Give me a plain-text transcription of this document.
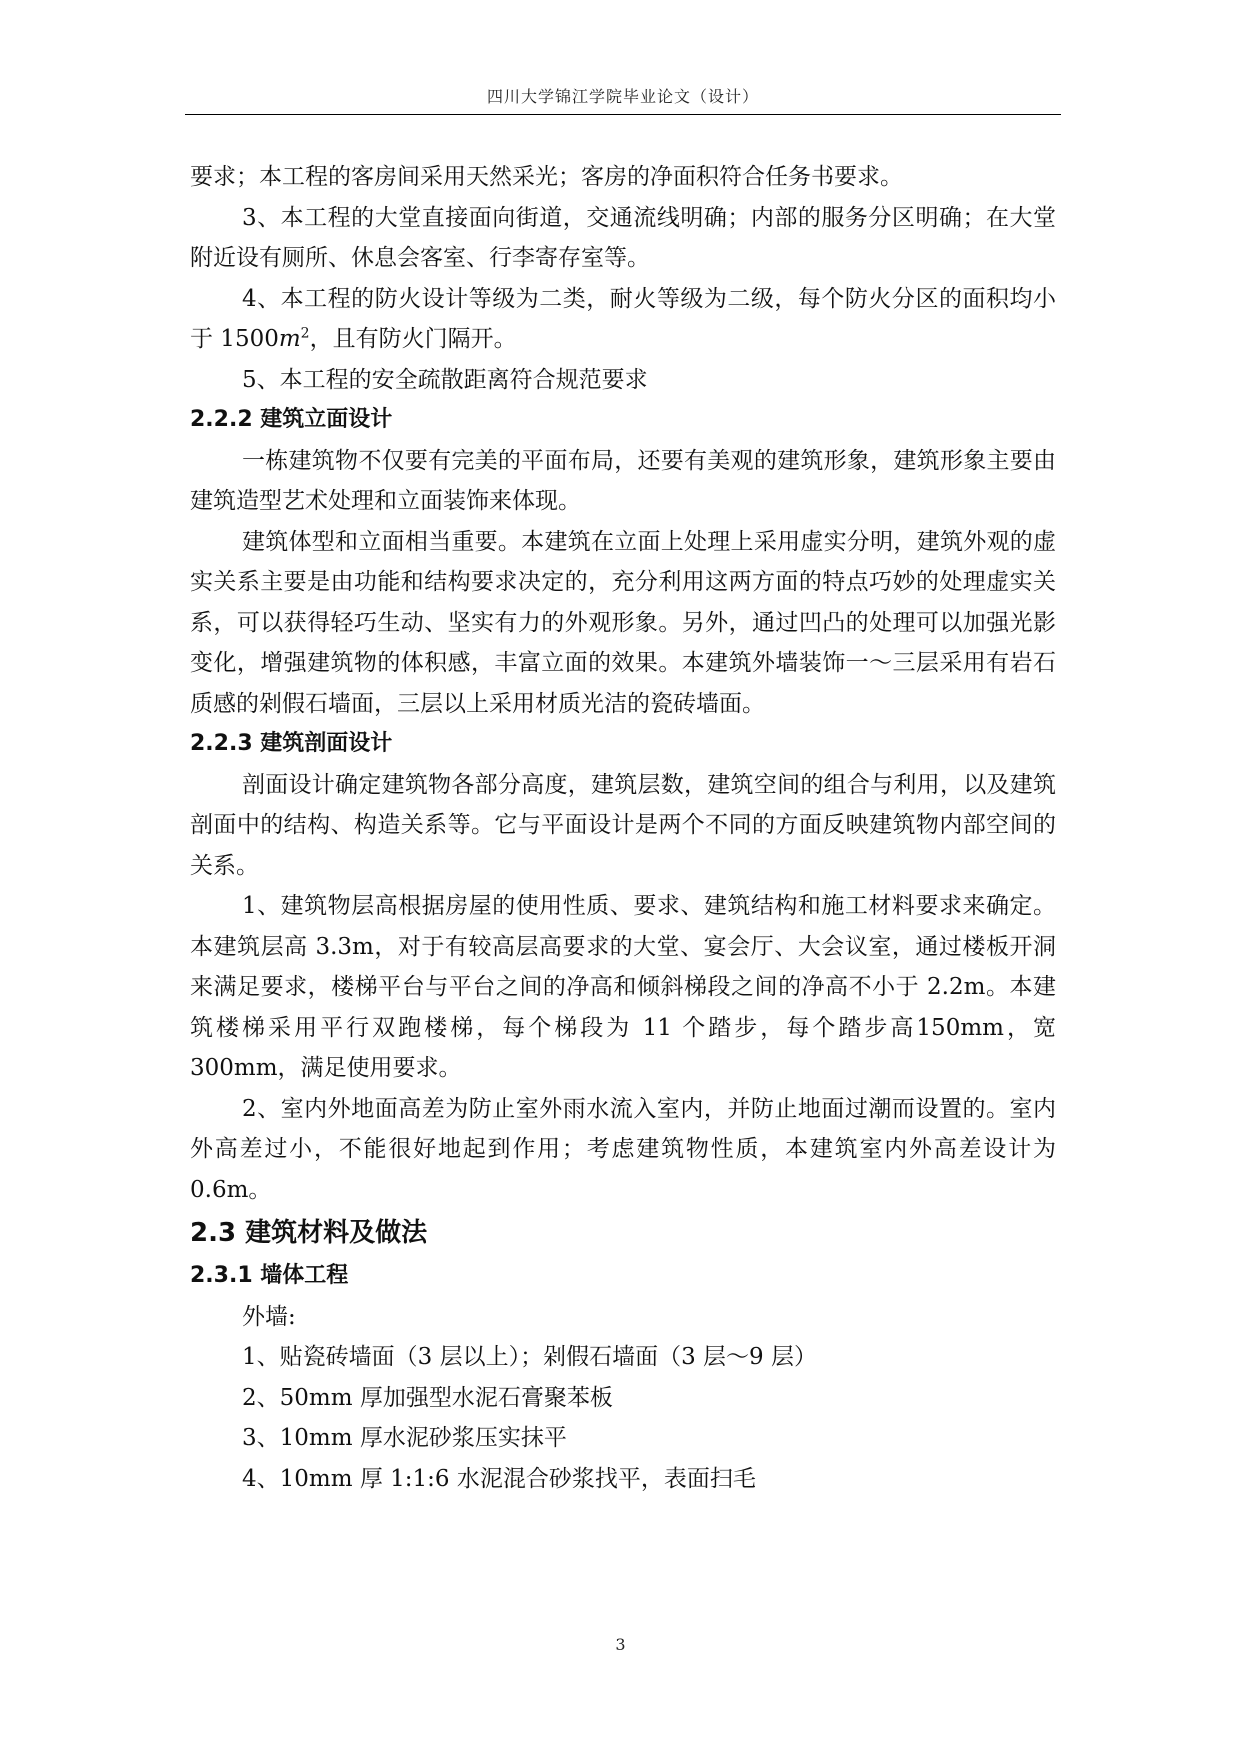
四川大学锦江学院毕业论文（设计）

要求；本工程的客房间采用天然采光；客房的净面积符合任务书要求。

3、本工程的大堂直接面向街道，交通流线明确；内部的服务分区明确；在大堂附近设有厕所、休息会客室、行李寄存室等。

4、本工程的防火设计等级为二类，耐火等级为二级，每个防火分区的面积均小于 $1500m^2$，且有防火门隔开。

5、本工程的安全疏散距离符合规范要求

2.2.2 建筑立面设计

一栋建筑物不仅要有完美的平面布局，还要有美观的建筑形象，建筑形象主要由建筑造型艺术处理和立面装饰来体现。

建筑体型和立面相当重要。本建筑在立面上处理上采用虚实分明，建筑外观的虚实关系主要是由功能和结构要求决定的，充分利用这两方面的特点巧妙的处理虚实关系，可以获得轻巧生动、坚实有力的外观形象。另外，通过凹凸的处理可以加强光影变化，增强建筑物的体积感，丰富立面的效果。本建筑外墙装饰一～三层采用有岩石质感的剁假石墙面，三层以上采用材质光洁的瓷砖墙面。

2.2.3 建筑剖面设计

剖面设计确定建筑物各部分高度，建筑层数，建筑空间的组合与利用，以及建筑剖面中的结构、构造关系等。它与平面设计是两个不同的方面反映建筑物内部空间的关系。

1、建筑物层高根据房屋的使用性质、要求、建筑结构和施工材料要求来确定。本建筑层高 3.3m，对于有较高层高要求的大堂、宴会厅、大会议室，通过楼板开洞来满足要求，楼梯平台与平台之间的净高和倾斜梯段之间的净高不小于 2.2m。本建筑楼梯采用平行双跑楼梯，每个梯段为 11 个踏步，每个踏步高150mm，宽 300mm，满足使用要求。

2、室内外地面高差为防止室外雨水流入室内，并防止地面过潮而设置的。室内外高差过小，不能很好地起到作用；考虑建筑物性质，本建筑室内外高差设计为 0.6m。

2.3 建筑材料及做法

2.3.1 墙体工程

外墙:

1、贴瓷砖墙面（3 层以上）；剁假石墙面（3 层～9 层）

2、50mm 厚加强型水泥石膏聚苯板

3、10mm 厚水泥砂浆压实抹平

4、10mm 厚 1:1:6 水泥混合砂浆找平，表面扫毛

3
